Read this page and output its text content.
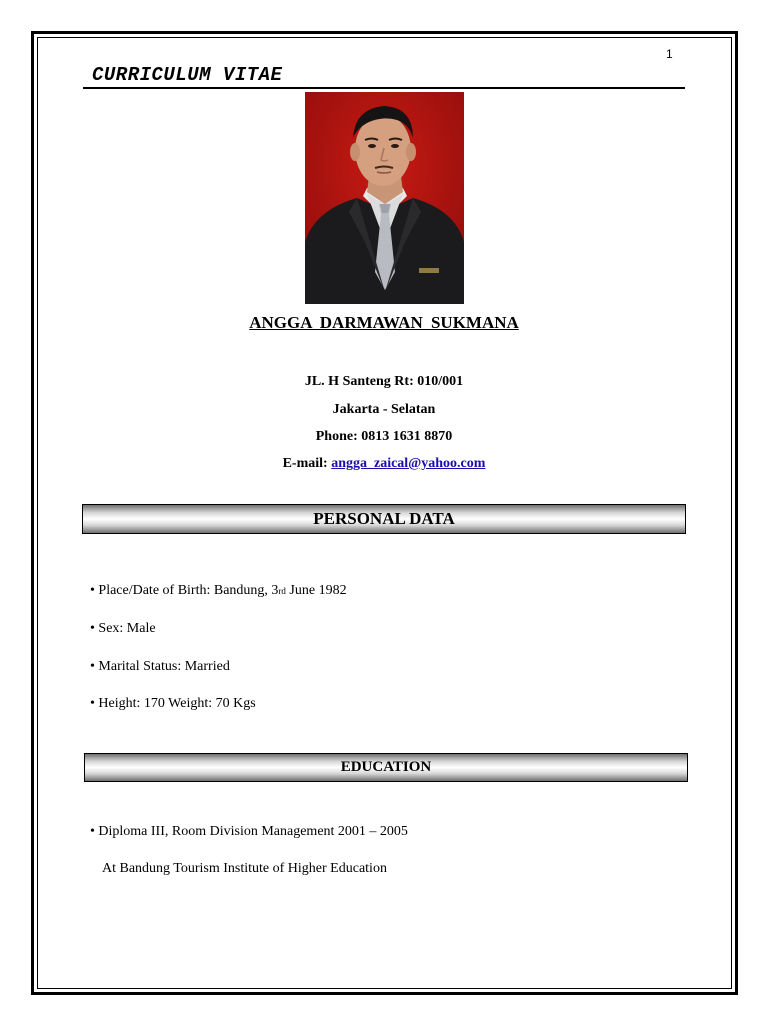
1
CURRICULUM VITAE
ANGGA DARMAWAN SUKMANA
JL. H Santeng Rt: 010/001
Jakarta - Selatan
Phone: 0813 1631 8870
E-mail: angga_zaical@yahoo.com
PERSONAL DATA
• Place/Date of Birth: Bandung, 3rd June 1982
• Sex: Male
• Marital Status: Married
• Height: 170 Weight: 70 Kgs
EDUCATION
• Diploma III, Room Division Management 2001 – 2005
At Bandung Tourism Institute of Higher Education
